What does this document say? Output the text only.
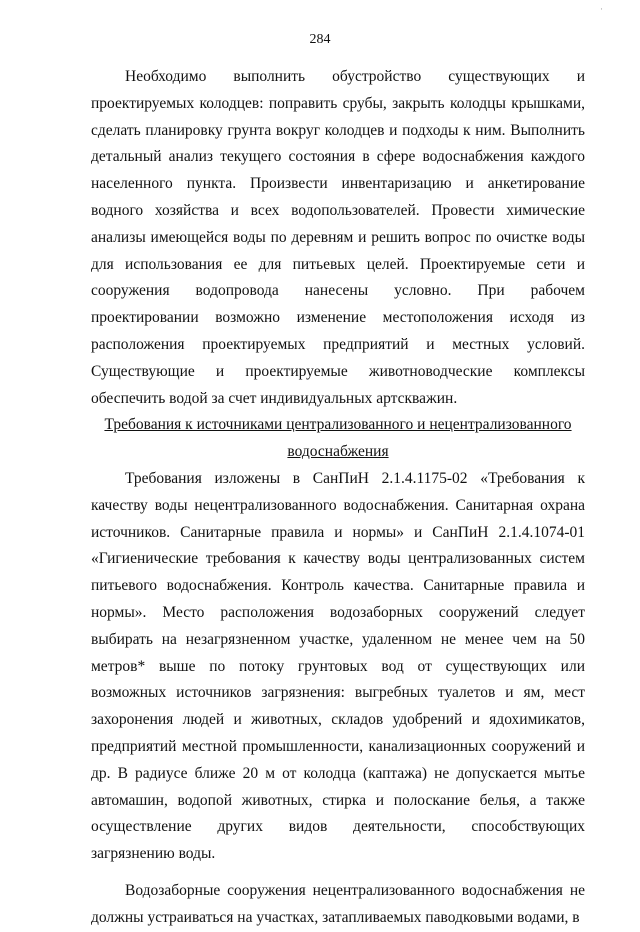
284

Необходимо выполнить обустройство существующих и проектируемых колодцев: поправить срубы, закрыть колодцы крышками, сделать планировку грунта вокруг колодцев и подходы к ним. Выполнить детальный анализ текущего состояния в сфере водоснабжения каждого населенного пункта. Произвести инвентаризацию и анкетирование водного хозяйства и всех водопользователей. Провести химические анализы имеющейся воды по деревням и решить вопрос по очистке воды для использования ее для питьевых целей. Проектируемые сети и сооружения водопровода нанесены условно. При рабочем проектировании возможно изменение местоположения исходя из расположения проектируемых предприятий и местных условий. Существующие и проектируемые животноводческие комплексы обеспечить водой за счет индивидуальных артскважин.

Требования к источниками централизованного и нецентрализованного водоснабжения

Требования изложены в СанПиН 2.1.4.1175-02 «Требования к качеству воды нецентрализованного водоснабжения. Санитарная охрана источников. Санитарные правила и нормы» и СанПиН 2.1.4.1074-01 «Гигиенические требования к качеству воды централизованных систем питьевого водоснабжения. Контроль качества. Санитарные правила и нормы». Место расположения водозаборных сооружений следует выбирать на незагрязненном участке, удаленном не менее чем на 50 метров* выше по потоку грунтовых вод от существующих или возможных источников загрязнения: выгребных туалетов и ям, мест захоронения людей и животных, складов удобрений и ядохимикатов, предприятий местной промышленности, канализационных сооружений и др. В радиусе ближе 20 м от колодца (каптажа) не допускается мытье автомашин, водопой животных, стирка и полоскание белья, а также осуществление других видов деятельности, способствующих загрязнению воды.

Водозаборные сооружения нецентрализованного водоснабжения не должны устраиваться на участках, затапливаемых паводковыми водами, в

·
